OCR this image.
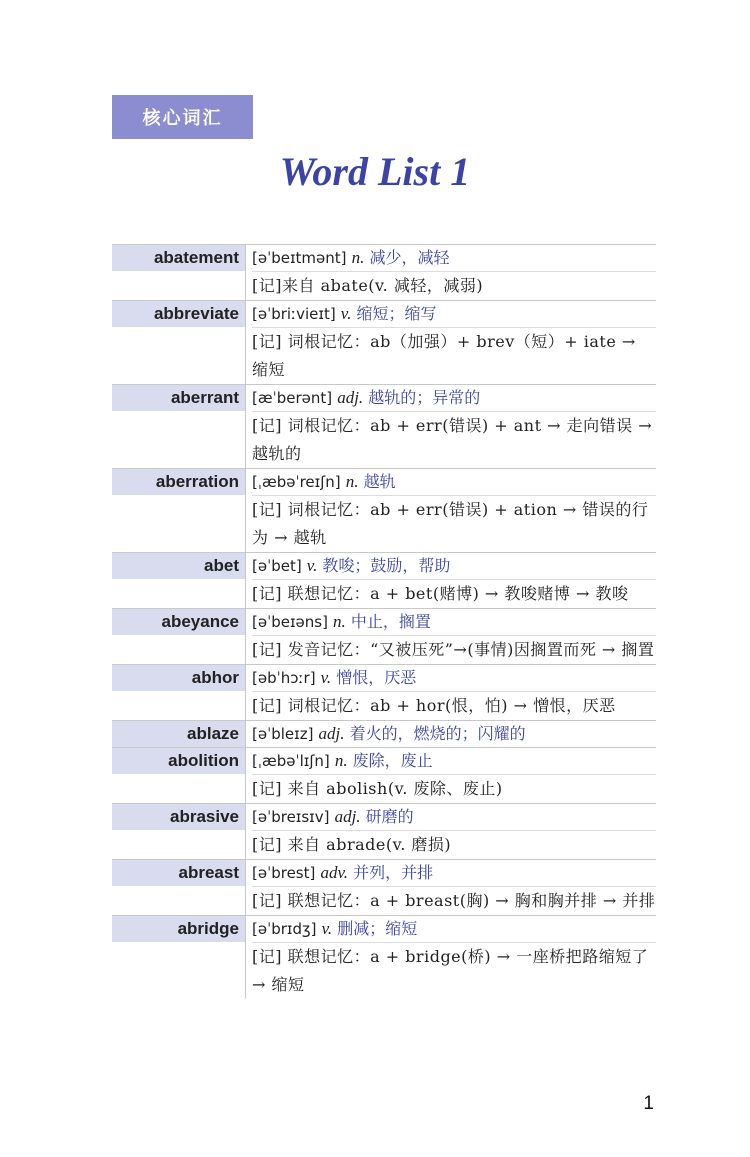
核心词汇
Word List 1
abatement [əˈbeɪtmənt] n. 减少，减轻
[记]来自 abate(v. 减轻，减弱)
abbreviate [əˈbriːvieɪt] v. 缩短；缩写
[记] 词根记忆：ab（加强）+ brev（短）+ iate → 缩短
aberrant [æˈberənt] adj. 越轨的；异常的
[记] 词根记忆：ab + err(错误) + ant → 走向错误 → 越轨的
aberration [ˌæbəˈreɪʃn] n. 越轨
[记] 词根记忆：ab + err(错误) + ation → 错误的行为 → 越轨
abet [əˈbet] v. 教唆；鼓励，帮助
[记] 联想记忆：a + bet(赌博) → 教唆赌博 → 教唆
abeyance [əˈbeɪəns] n. 中止，搁置
[记] 发音记忆：“又被压死”→(事情)因搁置而死 → 搁置
abhor [əbˈhɔːr] v. 憎恨，厌恶
[记] 词根记忆：ab + hor(恨，怕) → 憎恨，厌恶
ablaze [əˈbleɪz] adj. 着火的，燃烧的；闪耀的
abolition [ˌæbəˈlɪʃn] n. 废除，废止
[记] 来自 abolish(v. 废除、废止)
abrasive [əˈbreɪsɪv] adj. 研磨的
[记] 来自 abrade(v. 磨损)
abreast [əˈbrest] adv. 并列，并排
[记] 联想记忆：a + breast(胸) → 胸和胸并排 → 并排
abridge [əˈbrɪdʒ] v. 删减；缩短
[记] 联想记忆：a + bridge(桥) → 一座桥把路缩短了 → 缩短
1
